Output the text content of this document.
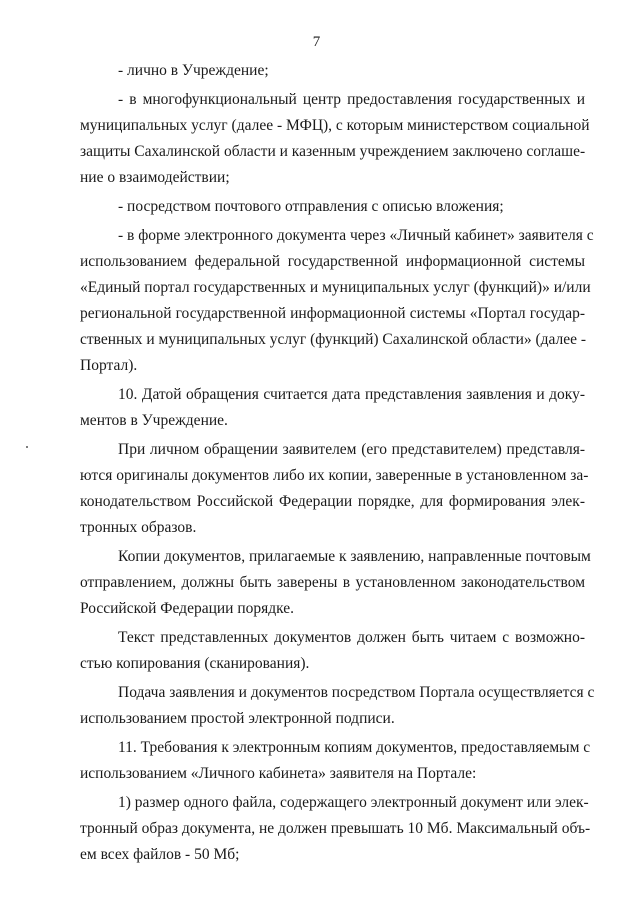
7
- лично в Учреждение;
- в многофункциональный центр предоставления государственных и
муниципальных услуг (далее - МФЦ), с которым министерством социальной
защиты Сахалинской области и казенным учреждением заключено соглаше-
ние о взаимодействии;
- посредством почтового отправления с описью вложения;
- в форме электронного документа через «Личный кабинет» заявителя с
использованием федеральной государственной информационной системы
«Единый портал государственных и муниципальных услуг (функций)» и/или
региональной государственной информационной системы «Портал государ-
ственных и муниципальных услуг (функций) Сахалинской области» (далее -
Портал).
10. Датой обращения считается дата представления заявления и доку-
ментов в Учреждение.
При личном обращении заявителем (его представителем) представля-
ются оригиналы документов либо их копии, заверенные в установленном за-
конодательством Российской Федерации порядке, для формирования элек-
тронных образов.
Копии документов, прилагаемые к заявлению, направленные почтовым
отправлением, должны быть заверены в установленном законодательством
Российской Федерации порядке.
Текст представленных документов должен быть читаем с возможно-
стью копирования (сканирования).
Подача заявления и документов посредством Портала осуществляется с
использованием простой электронной подписи.
11. Требования к электронным копиям документов, предоставляемым с
использованием «Личного кабинета» заявителя на Портале:
1) размер одного файла, содержащего электронный документ или элек-
тронный образ документа, не должен превышать 10 Мб. Максимальный объ-
ем всех файлов - 50 Мб;
